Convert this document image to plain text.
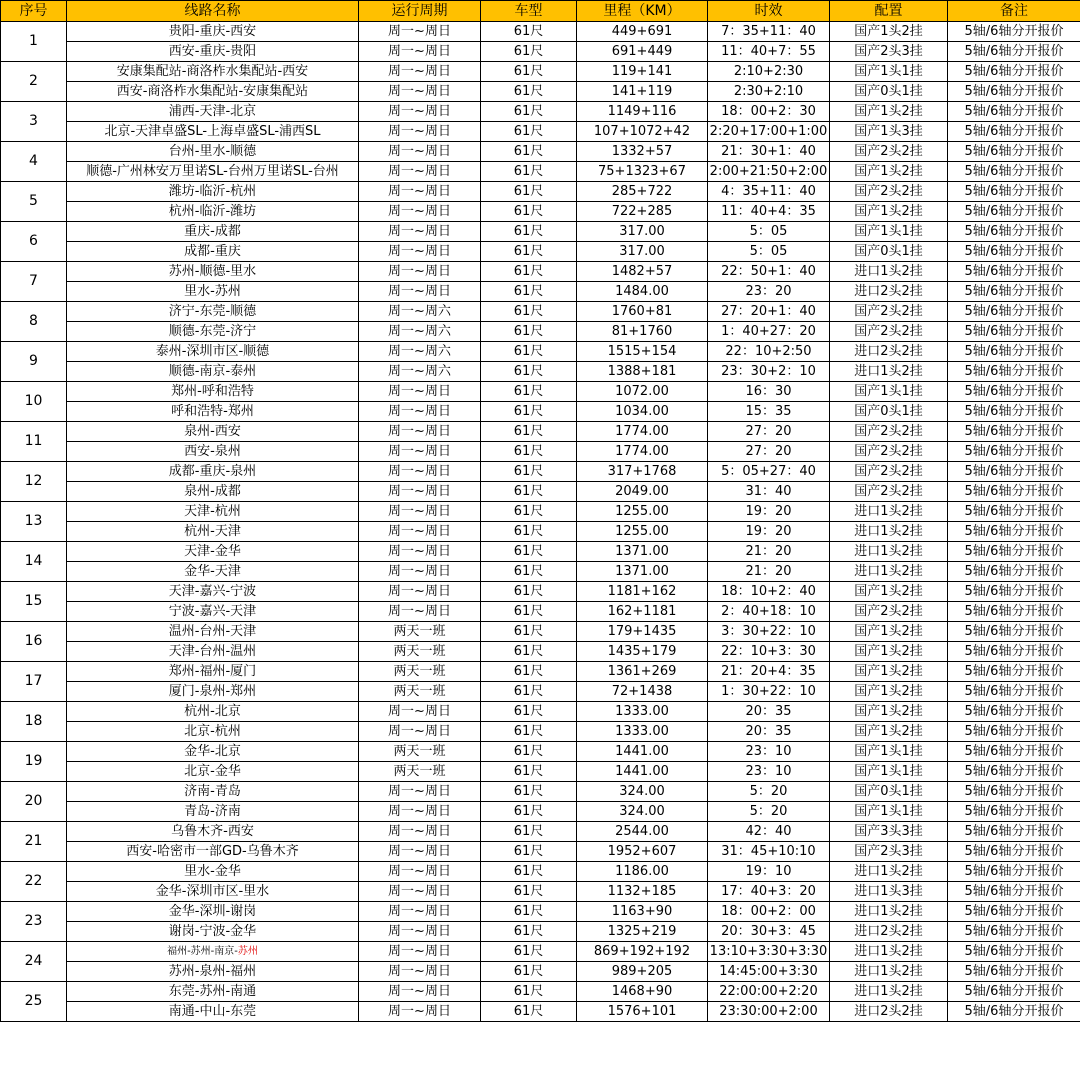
序号	线路名称	运行周期	车型	里程（KM）	时效	配置	备注
1	贵阳-重庆-西安	周一~周日	61尺	449+691	7：35+11：40	国产1头2挂	5轴/6轴分开报价
	西安-重庆-贵阳	周一~周日	61尺	691+449	11：40+7：55	国产2头3挂	5轴/6轴分开报价
2	安康集配站-商洛柞水集配站-西安	周一~周日	61尺	119+141	2:10+2:30	国产1头1挂	5轴/6轴分开报价
	西安-商洛柞水集配站-安康集配站	周一~周日	61尺	141+119	2:30+2:10	国产0头1挂	5轴/6轴分开报价
3	浦西-天津-北京	周一~周日	61尺	1149+116	18：00+2：30	国产1头2挂	5轴/6轴分开报价
	北京-天津卓盛SL-上海卓盛SL-浦西SL	周一~周日	61尺	107+1072+42	2:20+17:00+1:00	国产1头3挂	5轴/6轴分开报价
4	台州-里水-顺德	周一~周日	61尺	1332+57	21：30+1：40	国产2头2挂	5轴/6轴分开报价
	顺德-广州林安万里诺SL-台州万里诺SL-台州	周一~周日	61尺	75+1323+67	2:00+21:50+2:00	国产1头2挂	5轴/6轴分开报价
5	潍坊-临沂-杭州	周一~周日	61尺	285+722	4：35+11：40	国产2头2挂	5轴/6轴分开报价
	杭州-临沂-潍坊	周一~周日	61尺	722+285	11：40+4：35	国产1头2挂	5轴/6轴分开报价
6	重庆-成都	周一~周日	61尺	317.00	5：05	国产1头1挂	5轴/6轴分开报价
	成都-重庆	周一~周日	61尺	317.00	5：05	国产0头1挂	5轴/6轴分开报价
7	苏州-顺德-里水	周一~周日	61尺	1482+57	22：50+1：40	进口1头2挂	5轴/6轴分开报价
	里水-苏州	周一~周日	61尺	1484.00	23：20	进口2头2挂	5轴/6轴分开报价
8	济宁-东莞-顺德	周一~周六	61尺	1760+81	27：20+1：40	国产2头2挂	5轴/6轴分开报价
	顺德-东莞-济宁	周一~周六	61尺	81+1760	1：40+27：20	国产2头2挂	5轴/6轴分开报价
9	泰州-深圳市区-顺德	周一~周六	61尺	1515+154	22：10+2:50	进口2头2挂	5轴/6轴分开报价
	顺德-南京-泰州	周一~周六	61尺	1388+181	23：30+2：10	进口1头2挂	5轴/6轴分开报价
10	郑州-呼和浩特	周一~周日	61尺	1072.00	16：30	国产1头1挂	5轴/6轴分开报价
	呼和浩特-郑州	周一~周日	61尺	1034.00	15：35	国产0头1挂	5轴/6轴分开报价
11	泉州-西安	周一~周日	61尺	1774.00	27：20	国产2头2挂	5轴/6轴分开报价
	西安-泉州	周一~周日	61尺	1774.00	27：20	国产2头2挂	5轴/6轴分开报价
12	成都-重庆-泉州	周一~周日	61尺	317+1768	5：05+27：40	国产2头2挂	5轴/6轴分开报价
	泉州-成都	周一~周日	61尺	2049.00	31：40	国产2头2挂	5轴/6轴分开报价
13	天津-杭州	周一~周日	61尺	1255.00	19：20	进口1头2挂	5轴/6轴分开报价
	杭州-天津	周一~周日	61尺	1255.00	19：20	进口1头2挂	5轴/6轴分开报价
14	天津-金华	周一~周日	61尺	1371.00	21：20	进口1头2挂	5轴/6轴分开报价
	金华-天津	周一~周日	61尺	1371.00	21：20	进口1头2挂	5轴/6轴分开报价
15	天津-嘉兴-宁波	周一~周日	61尺	1181+162	18：10+2：40	国产1头2挂	5轴/6轴分开报价
	宁波-嘉兴-天津	周一~周日	61尺	162+1181	2：40+18：10	国产2头2挂	5轴/6轴分开报价
16	温州-台州-天津	两天一班	61尺	179+1435	3：30+22：10	国产1头2挂	5轴/6轴分开报价
	天津-台州-温州	两天一班	61尺	1435+179	22：10+3：30	国产1头2挂	5轴/6轴分开报价
17	郑州-福州-厦门	两天一班	61尺	1361+269	21：20+4：35	国产1头2挂	5轴/6轴分开报价
	厦门-泉州-郑州	两天一班	61尺	72+1438	1：30+22：10	国产1头2挂	5轴/6轴分开报价
18	杭州-北京	周一~周日	61尺	1333.00	20：35	国产1头2挂	5轴/6轴分开报价
	北京-杭州	周一~周日	61尺	1333.00	20：35	国产1头2挂	5轴/6轴分开报价
19	金华-北京	两天一班	61尺	1441.00	23：10	国产1头1挂	5轴/6轴分开报价
	北京-金华	两天一班	61尺	1441.00	23：10	国产1头1挂	5轴/6轴分开报价
20	济南-青岛	周一~周日	61尺	324.00	5：20	国产0头1挂	5轴/6轴分开报价
	青岛-济南	周一~周日	61尺	324.00	5：20	国产1头1挂	5轴/6轴分开报价
21	乌鲁木齐-西安	周一~周日	61尺	2544.00	42：40	国产3头3挂	5轴/6轴分开报价
	西安-哈密市一部GD-乌鲁木齐	周一~周日	61尺	1952+607	31：45+10:10	国产2头3挂	5轴/6轴分开报价
22	里水-金华	周一~周日	61尺	1186.00	19：10	进口1头2挂	5轴/6轴分开报价
	金华-深圳市区-里水	周一~周日	61尺	1132+185	17：40+3：20	进口1头3挂	5轴/6轴分开报价
23	金华-深圳-谢岗	周一~周日	61尺	1163+90	18：00+2：00	进口1头2挂	5轴/6轴分开报价
	谢岗-宁波-金华	周一~周日	61尺	1325+219	20：30+3：45	进口2头2挂	5轴/6轴分开报价
24	福州-苏州-南京-苏州	周一~周日	61尺	869+192+192	13:10+3:30+3:30	进口1头2挂	5轴/6轴分开报价
	苏州-泉州-福州	周一~周日	61尺	989+205	14:45:00+3:30	进口1头2挂	5轴/6轴分开报价
25	东莞-苏州-南通	周一~周日	61尺	1468+90	22:00:00+2:20	进口1头2挂	5轴/6轴分开报价
	南通-中山-东莞	周一~周日	61尺	1576+101	23:30:00+2:00	进口2头2挂	5轴/6轴分开报价
